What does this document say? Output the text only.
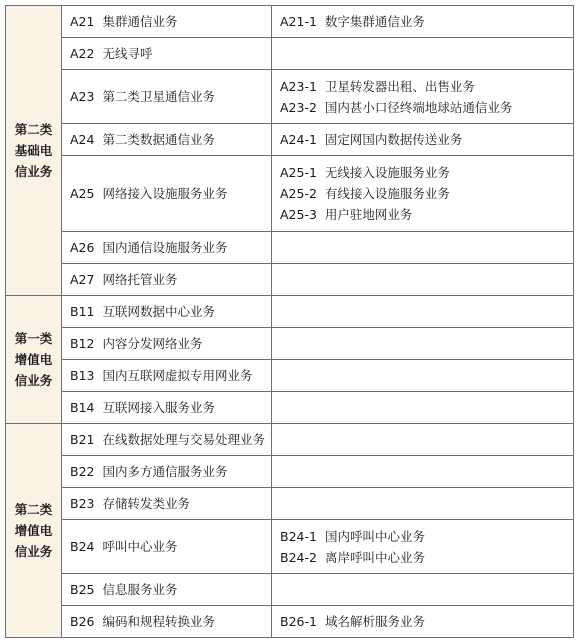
第二类
基础电
信业务	A21 集群通信业务	A21-1 数字集群通信业务

	A22 无线寻呼	
	A23 第二类卫星通信业务	A23-1 卫星转发器出租、出售业务
A23-2 国内甚小口径终端地球站通信业务

	A24 第二类数据通信业务	A24-1 固定网国内数据传送业务

	A25 网络接入设施服务业务	A25-1 无线接入设施服务业务
A25-2 有线接入设施服务业务
A25-3 用户驻地网业务

	A26 国内通信设施服务业务	
	A27 网络托管业务	

第一类
增值电
信业务	B11 互联网数据中心业务	
	B12 内容分发网络业务	
	B13 国内互联网虚拟专用网业务	
	B14 互联网接入服务业务	

第二类
增值电
信业务	B21 在线数据处理与交易处理业务	
	B22 国内多方通信服务业务	
	B23 存储转发类业务	
	B24 呼叫中心业务	B24-1 国内呼叫中心业务
B24-2 离岸呼叫中心业务

	B25 信息服务业务	
	B26 编码和规程转换业务	B26-1 域名解析服务业务
